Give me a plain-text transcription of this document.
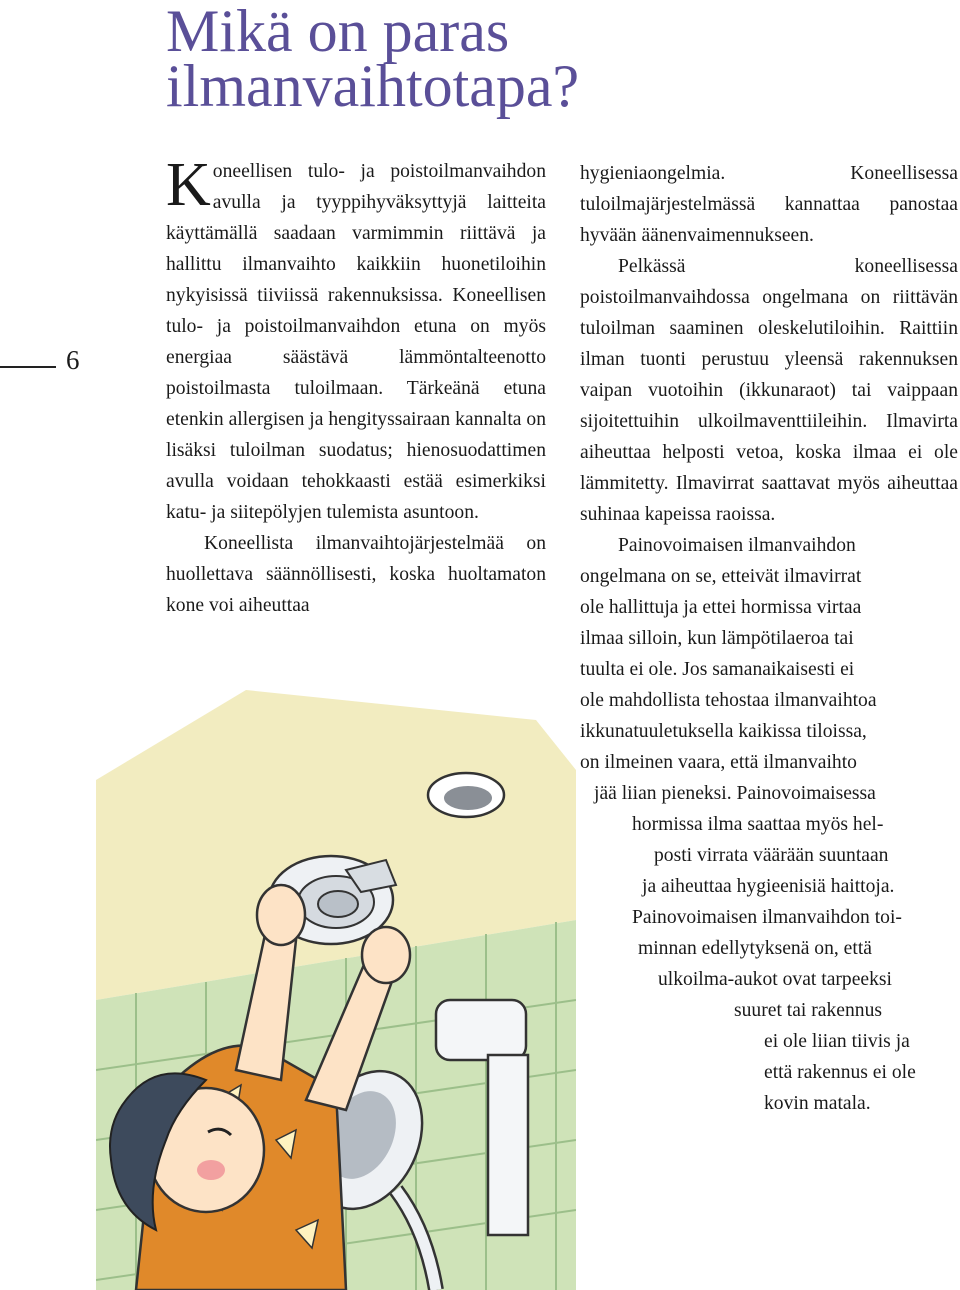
Mikä on paras
ilmanvaihtotapa?
6

Koneellisen tulo- ja poistoilmanvaihdon avulla ja tyyppihyväksyttyjä laitteita käyttämällä saadaan varmimmin riittävä ja hallittu ilmanvaihto kaikkiin huonetiloihin nykyisissä tiiviissä rakennuksissa. Koneellisen tulo- ja poistoilmanvaihdon etuna on myös energiaa säästävä lämmöntalteenotto poistoilmasta tuloilmaan. Tärkeänä etuna etenkin allergisen ja hengityssairaan kannalta on lisäksi tuloilman suodatus; hienosuodattimen avulla voidaan tehokkaasti estää esimerkiksi katu- ja siitepölyjen tulemista asuntoon.

Koneellista ilmanvaihtojärjestelmää on huollettava säännöllisesti, koska huoltamaton kone voi aiheuttaa

hygieniaongelmia. Koneellisessa tuloilmajärjestelmässä kannattaa panostaa hyvään äänenvaimennukseen.

Pelkässä koneellisessa poistoilmanvaihdossa ongelmana on riittävän tuloilman saaminen oleskelutiloihin. Raittiin ilman tuonti perustuu yleensä rakennuksen vaipan vuotoihin (ikkunaraot) tai vaippaan sijoitettuihin ulkoilmaventtiileihin. Ilmavirta aiheuttaa helposti vetoa, koska ilmaa ei ole lämmitetty. Ilmavirrat saattavat myös aiheuttaa suhinaa kapeissa raoissa.

Painovoimaisen ilmanvaihdon
ongelmana on se, etteivät ilmavirrat
ole hallittuja ja ettei hormissa virtaa
ilmaa silloin, kun lämpötilaeroa tai
tuulta ei ole. Jos samanaikaisesti ei
ole mahdollista tehostaa ilmanvaihtoa
ikkunatuuletuksella kaikissa tiloissa,
on ilmeinen vaara, että ilmanvaihto
jää liian pieneksi. Painovoimaisessa
hormissa ilma saattaa myös hel-
posti virrata väärään suuntaan
ja aiheuttaa hygieenisiä haittoja.
Painovoimaisen ilmanvaihdon toi-
minnan edellytyksenä on, että
ulkoilma-aukot ovat tarpeeksi
suuret tai rakennus
ei ole liian tiivis ja
että rakennus ei ole
kovin matala.
